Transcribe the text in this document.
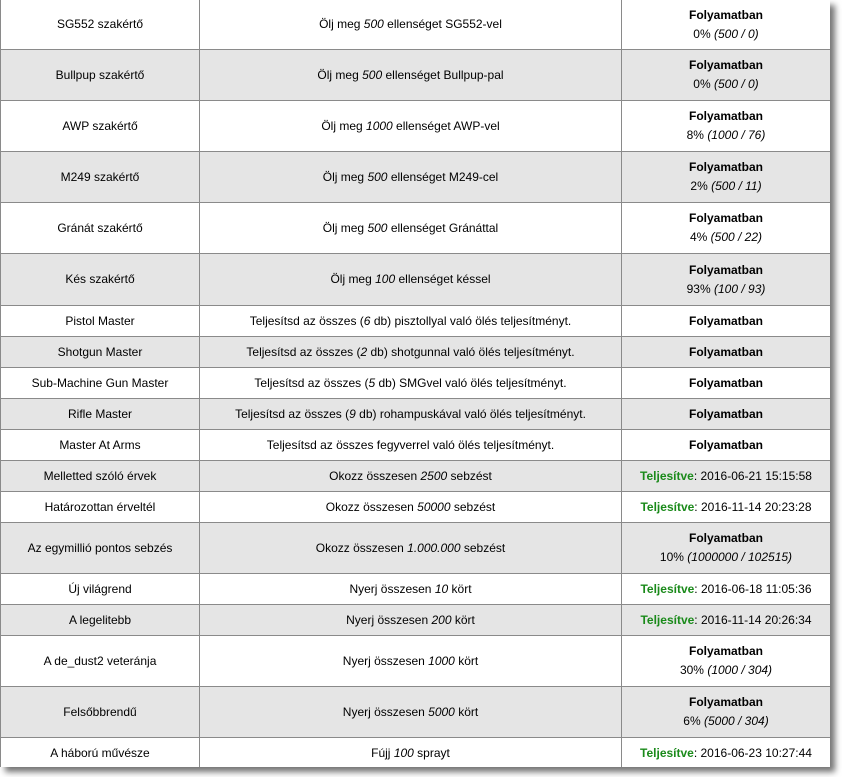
SG552 szakértő	Ölj meg 500 ellenséget SG552-vel	Folyamatban
0% (500 / 0)

Bullpup szakértő	Ölj meg 500 ellenséget Bullpup-pal	Folyamatban
0% (500 / 0)

AWP szakértő	Ölj meg 1000 ellenséget AWP-vel	Folyamatban
8% (1000 / 76)

M249 szakértő	Ölj meg 500 ellenséget M249-cel	Folyamatban
2% (500 / 11)

Gránát szakértő	Ölj meg 500 ellenséget Gránáttal	Folyamatban
4% (500 / 22)

Kés szakértő	Ölj meg 100 ellenséget késsel	Folyamatban
93% (100 / 93)

Pistol Master	Teljesítsd az összes (6 db) pisztollyal való ölés teljesítményt.	Folyamatban

Shotgun Master	Teljesítsd az összes (2 db) shotgunnal való ölés teljesítményt.	Folyamatban

Sub-Machine Gun Master	Teljesítsd az összes (5 db) SMGvel való ölés teljesítményt.	Folyamatban

Rifle Master	Teljesítsd az összes (9 db) rohampuskával való ölés teljesítményt.	Folyamatban

Master At Arms	Teljesítsd az összes fegyverrel való ölés teljesítményt.	Folyamatban

Melletted szóló érvek	Okozz összesen 2500 sebzést	Teljesítve: 2016-06-21 15:15:58
Határozottan érveltél	Okozz összesen 50000 sebzést	Teljesítve: 2016-11-14 20:23:28
Az egymillió pontos sebzés	Okozz összesen 1.000.000 sebzést	Folyamatban
10% (1000000 / 102515)

Új világrend	Nyerj összesen 10 kört	Teljesítve: 2016-06-18 11:05:36
A legelitebb	Nyerj összesen 200 kört	Teljesítve: 2016-11-14 20:26:34
A de_dust2 veteránja	Nyerj összesen 1000 kört	Folyamatban
30% (1000 / 304)

Felsőbbrendű	Nyerj összesen 5000 kört	Folyamatban
6% (5000 / 304)

A háború művésze	Fújj 100 sprayt	Teljesítve: 2016-06-23 10:27:44
